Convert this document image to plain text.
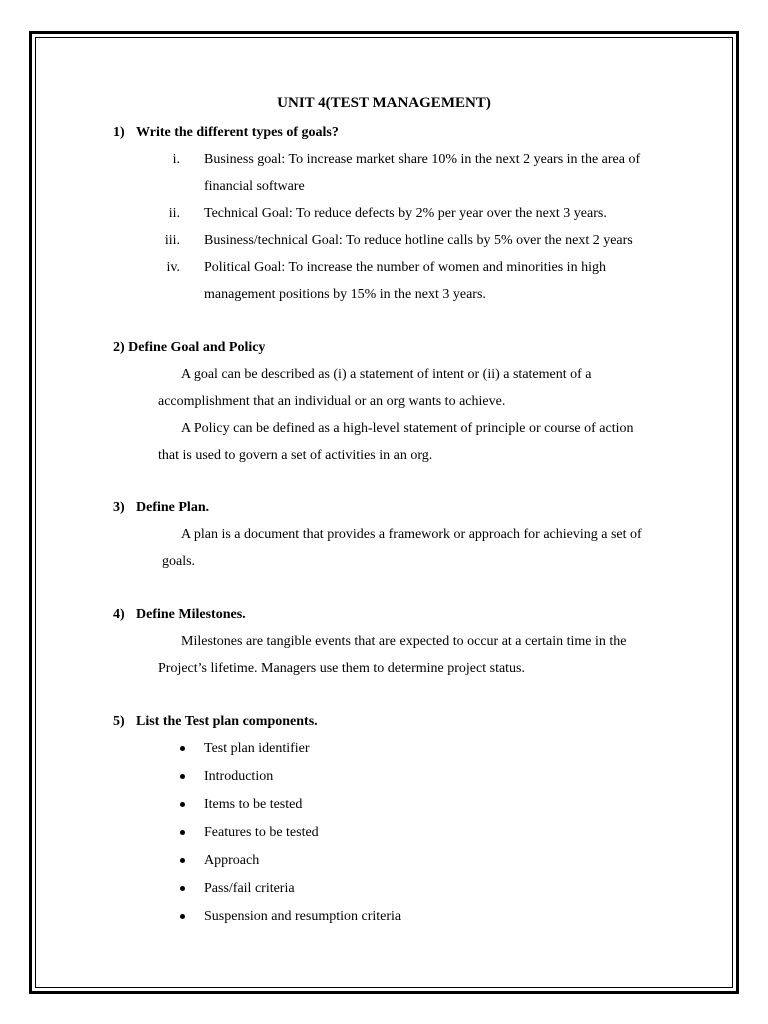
UNIT 4(TEST MANAGEMENT)
1) Write the different types of goals?
i. Business goal: To increase market share 10% in the next 2 years in the area of
financial software
ii. Technical Goal: To reduce defects by 2% per year over the next 3 years.
iii. Business/technical Goal: To reduce hotline calls by 5% over the next 2 years
iv. Political Goal: To increase the number of women and minorities in high
management positions by 15% in the next 3 years.
2) Define Goal and Policy
A goal can be described as (i) a statement of intent or (ii) a statement of a
accomplishment that an individual or an org wants to achieve.
A Policy can be defined as a high-level statement of principle or course of action
that is used to govern a set of activities in an org.
3) Define Plan.
A plan is a document that provides a framework or approach for achieving a set of
goals.
4) Define Milestones.
Milestones are tangible events that are expected to occur at a certain time in the
Project’s lifetime. Managers use them to determine project status.
5) List the Test plan components.
Test plan identifier
Introduction
Items to be tested
Features to be tested
Approach
Pass/fail criteria
Suspension and resumption criteria
